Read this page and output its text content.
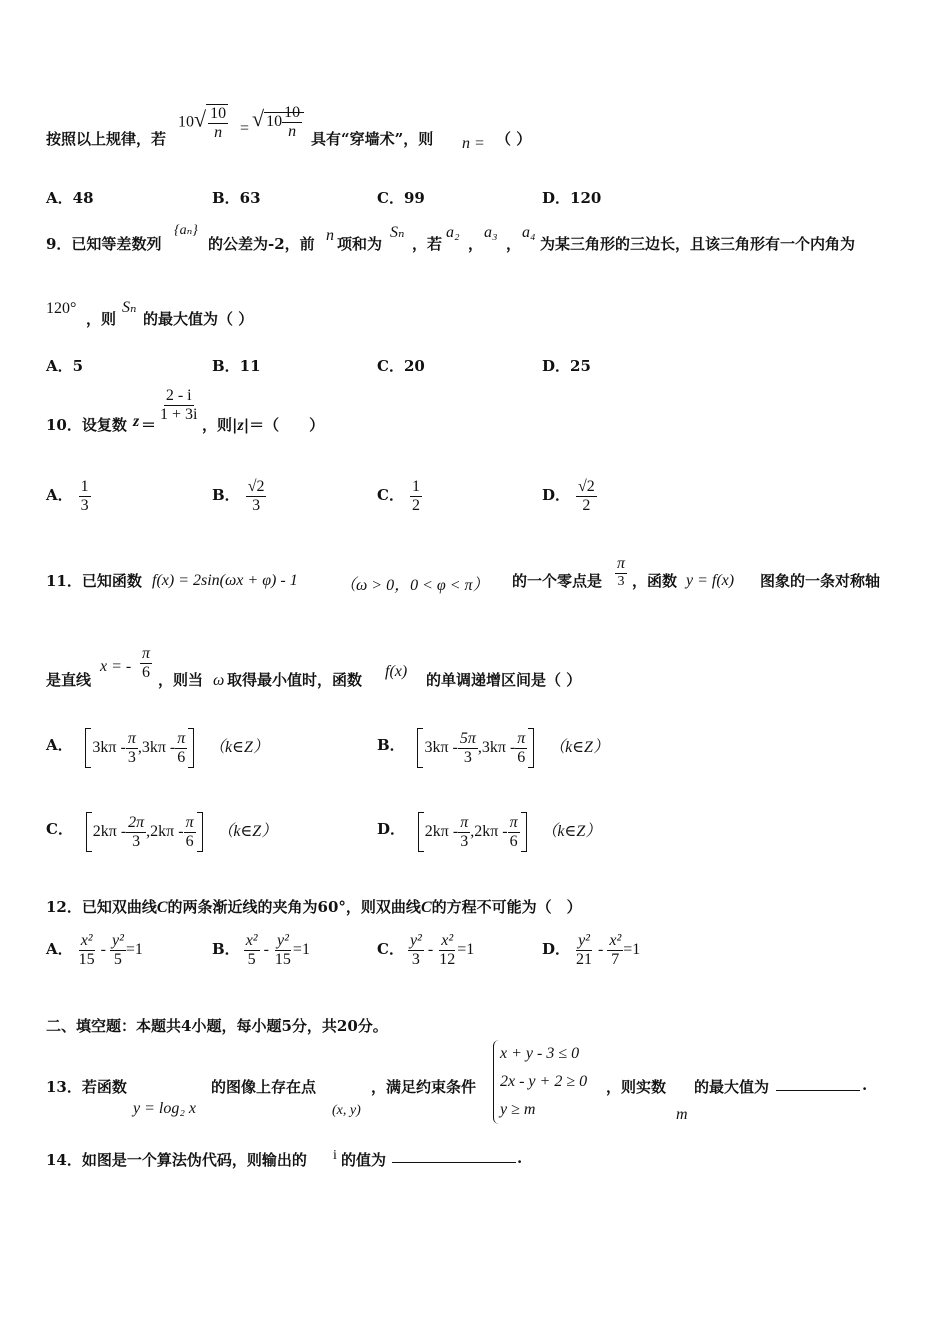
按照以上规律，若
$10√ \frac{10}{n}$ = √ $10 \frac{10}{n}$ 具有“穿墙术”，则 n = （ ）
A．48	B．63	C．99	D．120
9．已知等差数列
{aₙ}
的公差为-2，前 n 项和为
Sₙ
，若
a₂
，
a₃
，
a₄
为某三角形的三边长，且该三角形有一个内角为
120°
，则
Sₙ
的最大值为（ ）
A．5	B．11	C．20	D．25
10．设复数 z ＝
$\frac{2 - i}{1 + 3i}$
，则|z|＝（　　）
A． $\frac{1}{3}$	B． $\frac{√2}{3}$	C． $\frac{1}{2}$	D． $\frac{√2}{2}$
11．已知函数 f(x) = 2sin(ωx + φ) - 1	（ω > 0，0 < φ < π） 的一个零点是 $\frac{\pi}{3}$ ，函数 y = f(x) 图象的一条对称轴
是直线
x = - $\frac{\pi}{6}$ ，则当 ω 取得最小值时，函数 f(x) 的单调递增区间是（ ）
A． $3k\pi - \frac{\pi}{3} ,3k\pi - \frac{\pi}{6}$ （k∈Z）	B． $3k\pi - \frac{5\pi}{3} ,3k\pi - \frac{\pi}{6}$ （k∈Z）
C． $2k\pi - \frac{2\pi}{3} ,2k\pi - \frac{\pi}{6}$ （k∈Z）	D． $2k\pi - \frac{\pi}{3} ,2k\pi - \frac{\pi}{6}$ （k∈Z）
12．已知双曲线C的两条渐近线的夹角为60°，则双曲线C的方程不可能为（　）
A． $\frac{\text{x²}}{15} - \frac{\text{y²}}{5} =1$	B． $\frac{\text{x²}}{5} - \frac{\text{y²}}{15} =1$	C． $\frac{\text{y²}}{3} - \frac{\text{x²}}{12} =1$	D． $\frac{\text{y²}}{21} - \frac{\text{x²}}{7} =1$
二、填空题：本题共4小题，每小题5分，共20分。
13．若函数
y = log₂ x
的图像上存在点
(x, y)
，满足约束条件
x + y - 3 ≤ 0
2x - y + 2 ≥ 0
y ≥ m
，则实数
m
的最大值为	.
14．如图是一个算法伪代码，则输出的 i 的值为	.
